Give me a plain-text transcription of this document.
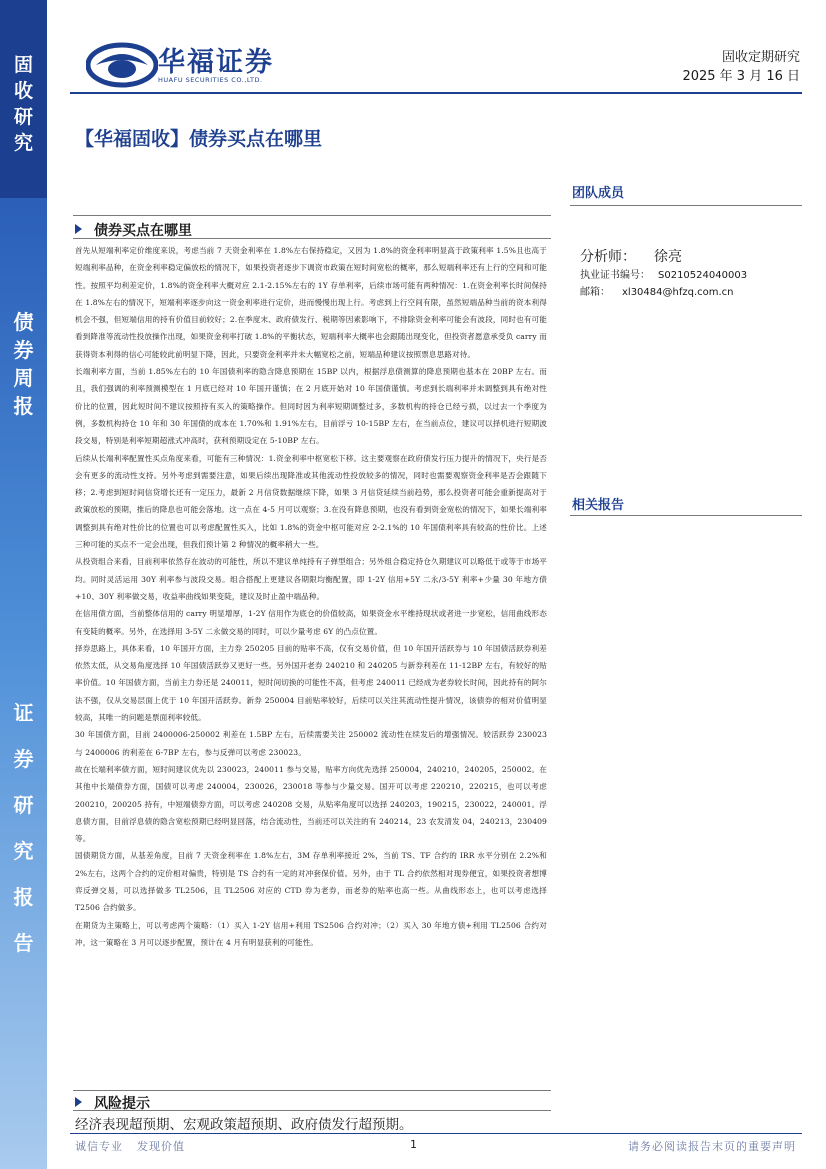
固
收
研
究
债
券
周
报
证
券
研
究
报
告
华福证券
HUAFU SECURITIES CO.,LTD.
固收定期研究
2025 年 3 月 16 日
【华福固收】债券买点在哪里
债券买点在哪里

首先从短端利率定价维度来说，考虑当前 7 天资金利率在 1.8%左右保持稳定，又因为 1.8%的资金利率明显高于政策利率 1.5%且也高于短端利率品种，在资金利率稳定偏放松的情况下，如果投资者逐步下调资市政策在短时间宽松的概率，那么短端利率还有上行的空间和可能性。按照平均利差定价，1.8%的资金利率大概对应 2.1-2.15%左右的 1Y 存单利率，后续市场可能有两种情况：1.在资金利率长时间保持在 1.8%左右的情况下，短端利率逐步向这一资金利率进行定价，进而慢慢出现上行。考虑到上行空间有限，虽然短端品种当前的资本利得机会不强，但短端信用的持有价值目前较好；2.在季度末、政府债发行、税期等因素影响下，不排除资金利率可能会有波段，同时也有可能看到降准等流动性投放操作出现，如果资金利率打破 1.8%的平衡状态，短端利率大概率也会跟随出现变化，但投资者愿意承受负 carry 而获得资本利得的信心可能较此前明显下降，因此，只要资金利率并未大幅宽松之前，短端品种建议按照票息思路对待。

长端利率方面，当前 1.85%左右的 10 年国债利率的隐含降息预期在 15BP 以内，根据浮息债测算的降息预期也基本在 20BP 左右。而且，我们强调的利率预测模型在 1 月底已经对 10 年国开谨慎；在 2 月底开始对 10 年国债谨慎。考虑到长端利率并未调整到具有绝对性价比的位置，因此短时间不建议按照持有买入的策略操作。但同时因为利率短期调整过多，多数机构的持仓已经亏损，以过去一个季度为例，多数机构持仓 10 年和 30 年国债的成本在 1.70%和 1.91%左右，目前浮亏 10-15BP 左右，在当前点位，建议可以择机进行短期波段交易，特别是利率短期超涨式冲高时，获利预期设定在 5-10BP 左右。

后续从长端利率配置性买点角度来看，可能有三种情况：1.资金利率中枢宽松下移。这主要观察在政府债发行压力提升的情况下，央行是否会有更多的流动性支持。另外考虑到需要注意，如果后续出现降准或其他流动性投放较多的情况，同时也需要观察资金利率是否会跟随下移；2.考虑到短时间信贷增长还有一定压力，最新 2 月信贷数据继续下降，如果 3 月信贷延续当前趋势，那么投资者可能会重新提高对于政策放松的预期，推后的降息也可能会落地。这一点在 4-5 月可以观察；3.在没有降息预期，也没有看到资金宽松的情况下，如果长端利率调整到具有绝对性价比的位置也可以考虑配置性买入，比如 1.8%的资金中枢可能对应 2-2.1%的 10 年国债利率具有较高的性价比。上述三种可能的买点不一定会出现，但我们预计第 2 种情况的概率稍大一些。

从投资组合来看，目前利率依然存在波动的可能性，所以不建议单纯持有子弹型组合；另外组合稳定持仓久期建议可以略低于或等于市场平均。同时灵活运用 30Y 利率参与波段交易。组合搭配上更建议各期限均衡配置，即 1-2Y 信用+5Y 二永/3-5Y 利率+少量 30 年地方债+10、30Y 利率做交易，收益率曲线如果变陡，建议及时止盈中端品种。

在信用债方面，当前整体信用的 carry 明显增厚，1-2Y 信用作为底仓的价值较高，如果资金水平维持现状或者进一步宽松，信用曲线形态有变陡的概率。另外，在选择用 3-5Y 二永做交易的同时，可以少量考虑 6Y 的凸点位置。

择券思路上，具体来看，10 年国开方面，主力券 250205 目前的贴率不高，仅有交易价值，但 10 年国开活跃券与 10 年国债活跃券利差依然太低，从交易角度选择 10 年国债活跃券又更好一些。另外国开老券 240210 和 240205 与新券利差在 11-12BP 左右，有较好的贴率价值。10 年国债方面，当前主力券还是 240011，短时间切换的可能性不高，但考虑 240011 已经成为老券较长时间，因此持有的阿尔法不强，仅从交易层面上优于 10 年国开活跃券。新券 250004 目前贴率较好，后续可以关注其流动性提升情况，该债券的相对价值明显较高，其唯一的问题是票面利率较低。

30 年国债方面，目前 2400006-250002 利差在 1.5BP 左右，后续需要关注 250002 流动性在续发后的增强情况。较活跃券 230023 与 2400006 的利差在 6-7BP 左右，参与反弹可以考虑 230023。

故在长端利率债方面，短时间建议优先以 230023，240011 参与交易，贴率方向优先选择 250004，240210，240205，250002。在其他中长端债券方面，国债可以考虑 240004，230026，230018 等参与少量交易。国开可以考虑 220210，220215，也可以考虑 200210，200205 持有，中短端债券方面，可以考虑 240208 交易，从贴率角度可以选择 240203，190215，230022，240001。浮息债方面，目前浮息债的隐含宽松预期已经明显回落，结合流动性，当前还可以关注的有 240214，23 农发清发 04，240213，230409 等。

国债期货方面，从基差角度，目前 7 天资金利率在 1.8%左右，3M 存单利率接近 2%，当前 TS、TF 合约的 IRR 水平分别在 2.2%和 2%左右，这两个合约的定价相对偏贵，特别是 TS 合约有一定的对冲套保价值。另外，由于 TL 合约依然相对现券便宜，如果投资者想博弈反弹交易，可以选择做多 TL2506，且 TL2506 对应的 CTD 券为老券，而老券的贴率也高一些。从曲线形态上，也可以考虑选择 T2506 合约做多。

在期货为主策略上，可以考虑两个策略：（1）买入 1-2Y 信用+利用 TS2506 合约对冲；（2）买入 30 年地方债+利用 TL2506 合约对冲，这一策略在 3 月可以逐步配置，预计在 4 月有明显获利的可能性。

风险提示
经济表现超预期、宏观政策超预期、政府债发行超预期。
团队成员
分析师： 徐亮
执业证书编号： S0210524040003
邮箱： xl30484@hfzq.com.cn
相关报告
诚信专业 发现价值	1	请务必阅读报告末页的重要声明
